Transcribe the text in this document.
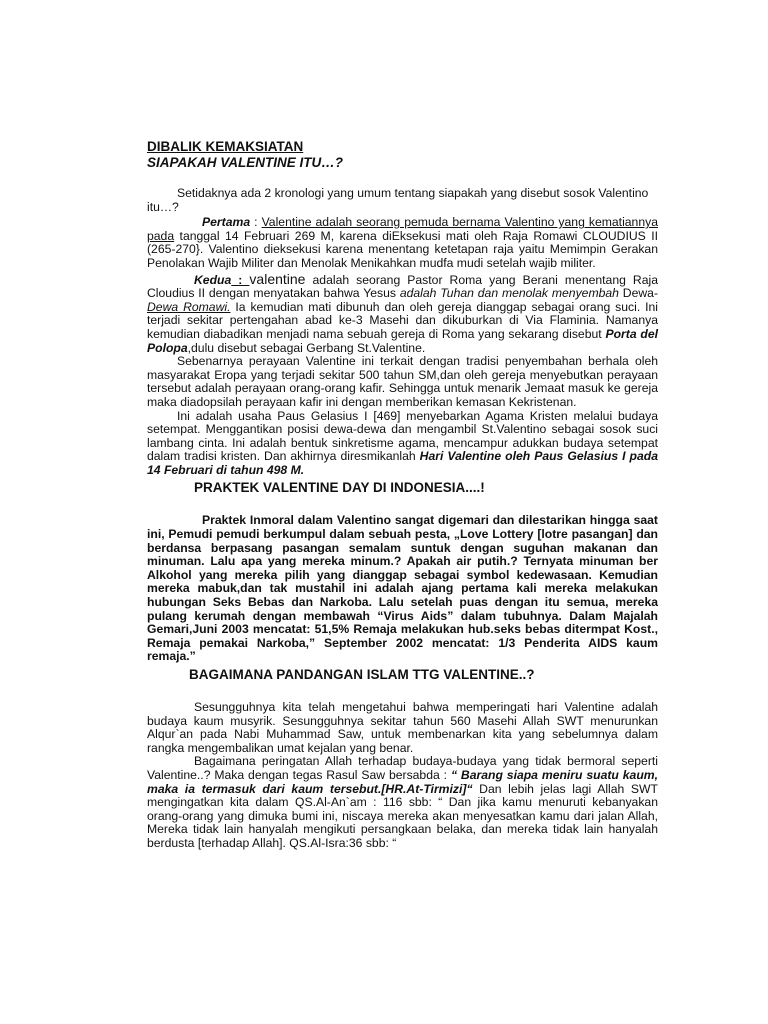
DIBALIK KEMAKSIATAN

SIAPAKAH VALENTINE ITU…?

Setidaknya ada 2 kronologi yang umum tentang siapakah yang disebut sosok Valentino itu…?

Pertama : Valentine adalah seorang pemuda bernama Valentino yang kematiannya pada tanggal 14 Februari 269 M, karena diEksekusi mati oleh Raja Romawi CLOUDIUS II (265-270}. Valentino dieksekusi karena menentang ketetapan raja yaitu Memimpin Gerakan Penolakan Wajib Militer dan Menolak Menikahkan mudfa mudi setelah wajib militer.

Kedua : valentine adalah seorang Pastor Roma yang Berani menentang Raja Cloudius II dengan menyatakan bahwa Yesus adalah Tuhan dan menolak menyembah Dewa-Dewa Romawi. Ia kemudian mati dibunuh dan oleh gereja dianggap sebagai orang suci. Ini terjadi sekitar pertengahan abad ke-3 Masehi dan dikuburkan di Via Flaminia. Namanya kemudian diabadikan menjadi nama sebuah gereja di Roma yang sekarang disebut Porta del Polopa,dulu disebut sebagai Gerbang St.Valentine.

Sebenarnya perayaan Valentine ini terkait dengan tradisi penyembahan berhala oleh masyarakat Eropa yang terjadi sekitar 500 tahun SM,dan oleh gereja menyebutkan perayaan tersebut adalah perayaan orang-orang kafir. Sehingga untuk menarik Jemaat masuk ke gereja maka diadopsilah perayaan kafir ini dengan memberikan kemasan Kekristenan.

Ini adalah usaha Paus Gelasius I [469] menyebarkan Agama Kristen melalui budaya setempat. Menggantikan posisi dewa-dewa dan mengambil St.Valentino sebagai sosok suci lambang cinta. Ini adalah bentuk sinkretisme agama, mencampur adukkan budaya setempat dalam tradisi kristen. Dan akhirnya diresmikanlah Hari Valentine oleh Paus Gelasius I pada 14 Februari di tahun 498 M.

PRAKTEK VALENTINE DAY DI INDONESIA....!

Praktek Inmoral dalam Valentino sangat digemari dan dilestarikan hingga saat ini, Pemudi pemudi berkumpul dalam sebuah pesta, „Love Lottery [lotre pasangan] dan berdansa berpasang pasangan semalam suntuk dengan suguhan makanan dan minuman. Lalu apa yang mereka minum.? Apakah air putih.? Ternyata minuman ber Alkohol yang mereka pilih yang dianggap sebagai symbol kedewasaan. Kemudian mereka mabuk,dan tak mustahil ini adalah ajang pertama kali mereka melakukan hubungan Seks Bebas dan Narkoba. Lalu setelah puas dengan itu semua, mereka pulang kerumah dengan membawah “Virus Aids” dalam tubuhnya. Dalam Majalah Gemari,Juni 2003 mencatat: 51,5% Remaja melakukan hub.seks bebas ditermpat Kost., Remaja pemakai Narkoba,” September 2002 mencatat: 1/3 Penderita AIDS kaum remaja.”

BAGAIMANA PANDANGAN ISLAM TTG VALENTINE..?

Sesungguhnya kita telah mengetahui bahwa memperingati hari Valentine adalah budaya kaum musyrik. Sesungguhnya sekitar tahun 560 Masehi Allah SWT menurunkan Alqur`an pada Nabi Muhammad Saw, untuk membenarkan kita yang sebelumnya dalam rangka mengembalikan umat kejalan yang benar.

Bagaimana peringatan Allah terhadap budaya-budaya yang tidak bermoral seperti Valentine..? Maka dengan tegas Rasul Saw bersabda : “ Barang siapa meniru suatu kaum, maka ia termasuk dari kaum tersebut.[HR.At-Tirmizi]“ Dan lebih jelas lagi Allah SWT mengingatkan kita dalam QS.Al-An`am : 116 sbb: “ Dan jika kamu menuruti kebanyakan orang-orang yang dimuka bumi ini, niscaya mereka akan menyesatkan kamu dari jalan Allah, Mereka tidak lain hanyalah mengikuti persangkaan belaka, dan mereka tidak lain hanyalah berdusta [terhadap Allah]. QS.Al-Isra:36 sbb: “
